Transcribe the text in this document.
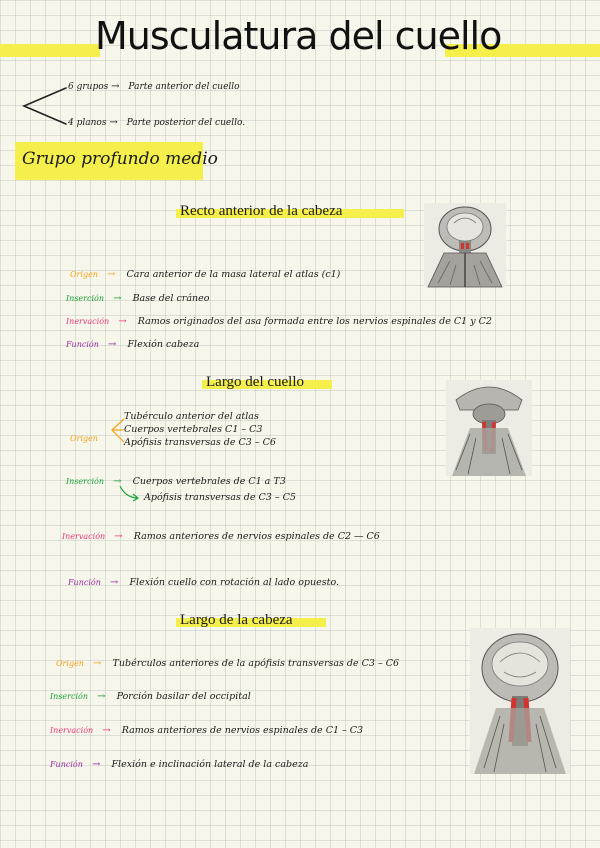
Musculatura del cuello
6 grupos → Parte anterior del cuello
4 planos → Parte posterior del cuello.
Grupo profundo medio
Recto anterior de la cabeza
Origen → Cara anterior de la masa lateral el atlas (c1)
Inserción → Base del cráneo
Inervación → Ramos originados del asa formada entre los nervios espinales de C1 y C2
Función → Flexión cabeza
Largo del cuello
Origen
Tubérculo anterior del atlas
Cuerpos vertebrales C1 – C3
Apófisis transversas de C3 – C6
Inserción → Cuerpos vertebrales de C1 a T3
Apófisis transversas de C3 – C5
Inervación → Ramos anteriores de nervios espinales de C2 — C6
Función → Flexión cuello con rotación al lado opuesto.
Largo de la cabeza
Origen → Tubérculos anteriores de la apófisis transversas de C3 – C6
Inserción → Porción basilar del occipital
Inervación → Ramos anteriores de nervios espinales de C1 – C3
Función → Flexión e inclinación lateral de la cabeza
